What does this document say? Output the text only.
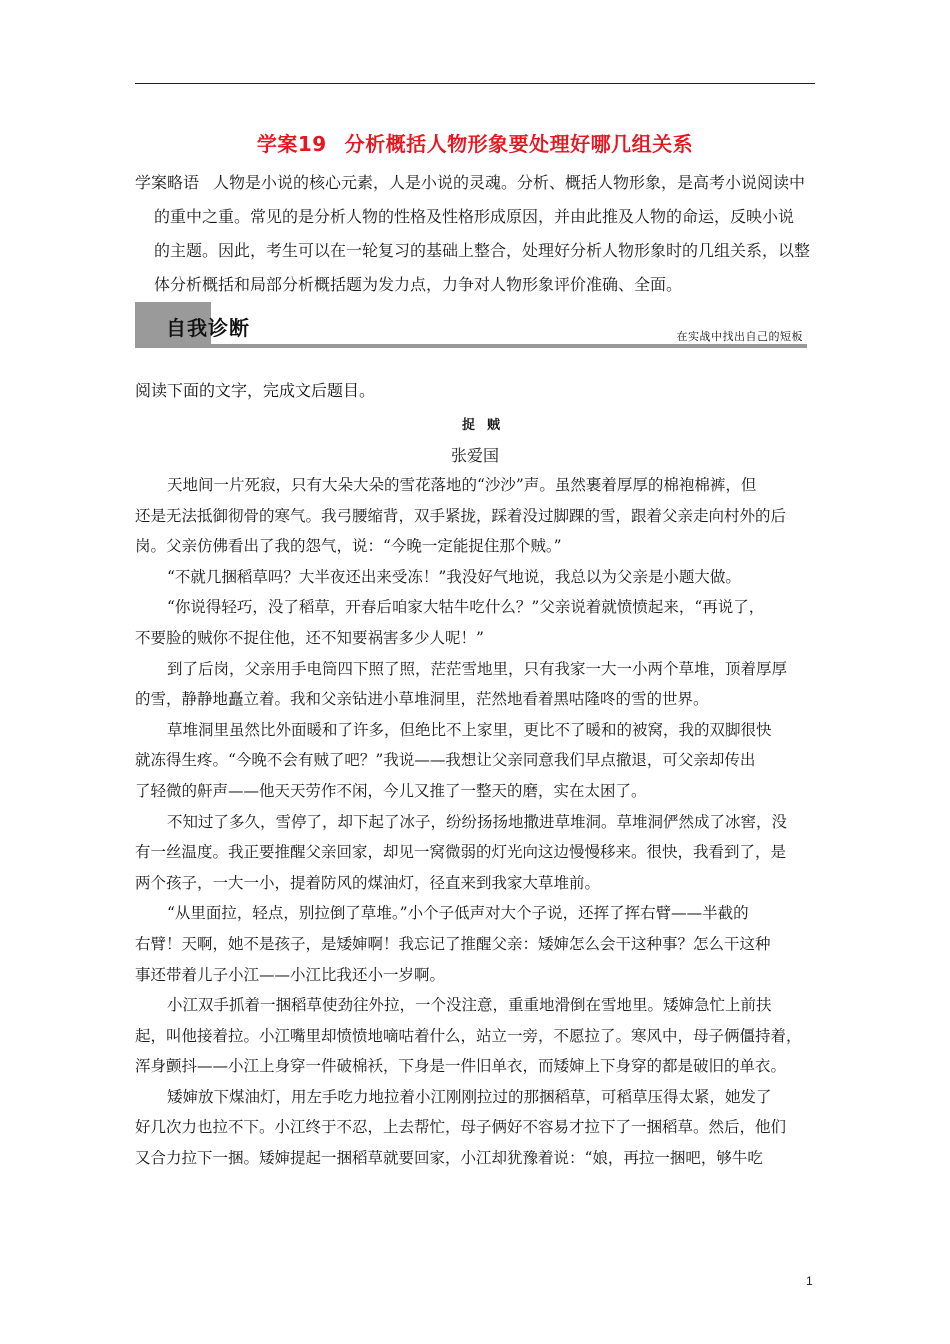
学案19 分析概括人物形象要处理好哪几组关系
学案略语 人物是小说的核心元素，人是小说的灵魂。分析、概括人物形象，是高考小说阅读中
的重中之重。常见的是分析人物的性格及性格形成原因，并由此推及人物的命运，反映小说
的主题。因此，考生可以在一轮复习的基础上整合，处理好分析人物形象时的几组关系，以整
体分析概括和局部分析概括题为发力点，力争对人物形象评价准确、全面。
自我诊断	在实战中找出自己的短板
阅读下面的文字，完成文后题目。
捉贼
张爱国
天地间一片死寂，只有大朵大朵的雪花落地的“沙沙”声。虽然裹着厚厚的棉袍棉裤，但
还是无法抵御彻骨的寒气。我弓腰缩背，双手紧拢，踩着没过脚踝的雪，跟着父亲走向村外的后
岗。父亲仿佛看出了我的怨气，说：“今晚一定能捉住那个贼。”
“不就几捆稻草吗？大半夜还出来受冻！”我没好气地说，我总以为父亲是小题大做。
“你说得轻巧，没了稻草，开春后咱家大牯牛吃什么？”父亲说着就愤愤起来，“再说了，
不要脸的贼你不捉住他，还不知要祸害多少人呢！”
到了后岗，父亲用手电筒四下照了照，茫茫雪地里，只有我家一大一小两个草堆，顶着厚厚
的雪，静静地矗立着。我和父亲钻进小草堆洞里，茫然地看着黑咕隆咚的雪的世界。
草堆洞里虽然比外面暖和了许多，但绝比不上家里，更比不了暖和的被窝，我的双脚很快
就冻得生疼。“今晚不会有贼了吧？”我说——我想让父亲同意我们早点撤退，可父亲却传出
了轻微的鼾声——他天天劳作不闲，今儿又推了一整天的磨，实在太困了。
不知过了多久，雪停了，却下起了冰子，纷纷扬扬地撒进草堆洞。草堆洞俨然成了冰窖，没
有一丝温度。我正要推醒父亲回家，却见一窝微弱的灯光向这边慢慢移来。很快，我看到了，是
两个孩子，一大一小，提着防风的煤油灯，径直来到我家大草堆前。
“从里面拉，轻点，别拉倒了草堆。”小个子低声对大个子说，还挥了挥右臂——半截的
右臂！天啊，她不是孩子，是矮婶啊！我忘记了推醒父亲：矮婶怎么会干这种事？怎么干这种
事还带着儿子小江——小江比我还小一岁啊。
小江双手抓着一捆稻草使劲往外拉，一个没注意，重重地滑倒在雪地里。矮婶急忙上前扶
起，叫他接着拉。小江嘴里却愤愤地嘀咕着什么，站立一旁，不愿拉了。寒风中，母子俩僵持着，
浑身颤抖——小江上身穿一件破棉袄，下身是一件旧单衣，而矮婶上下身穿的都是破旧的单衣。
矮婶放下煤油灯，用左手吃力地拉着小江刚刚拉过的那捆稻草，可稻草压得太紧，她发了
好几次力也拉不下。小江终于不忍，上去帮忙，母子俩好不容易才拉下了一捆稻草。然后，他们
又合力拉下一捆。矮婶提起一捆稻草就要回家，小江却犹豫着说：“娘，再拉一捆吧，够牛吃
1
